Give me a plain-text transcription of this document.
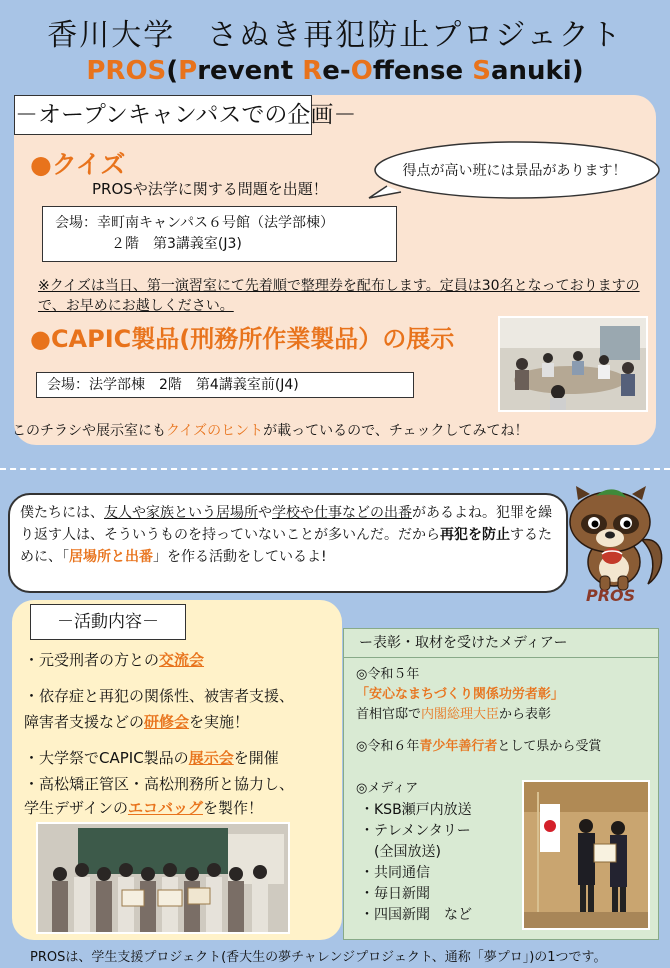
香川大学　さぬき再犯防止プロジェクト
PROS(Prevent Re-Offense Sanuki)
－オープンキャンパスでの企画－
●クイズ
PROSや法学に関する問題を出題！
得点が高い班には景品があります！
会場：幸町南キャンパス６号館（法学部棟）
２階　第3講義室(J3)
※クイズは当日、第一演習室にて先着順で整理券を配布します。定員は30名となっておりますので、お早めにお越しください。
●CAPIC製品(刑務所作業製品）の展示
会場：法学部棟　2階　第4講義室前(J4)
このチラシや展示室にもクイズのヒントが載っているので、チェックしてみてね！
僕たちには、友人や家族という居場所や学校や仕事などの出番があるよね。犯罪を繰り返す人は、そういうものを持っていないことが多いんだ。だから再犯を防止するために、「居場所と出番」を作る活動をしているよ!
PROS
－活動内容－
・元受刑者の方との交流会
・依存症と再犯の関係性、被害者支援、
障害者支援などの研修会を実施！
・大学祭でCAPIC製品の展示会を開催
・高松矯正管区・高松刑務所と協力し、
学生デザインのエコバッグを製作！
ー表彰・取材を受けたメディアー
◎令和５年
「安心なまちづくり関係功労者彰」
首相官邸で内閣総理大臣から表彰
◎令和６年青少年善行者として県から受賞
◎メディア
・KSB瀬戸内放送
・テレメンタリー
　(全国放送)
・共同通信
・毎日新聞
・四国新聞　など
PROSは、学生支援プロジェクト(香大生の夢チャレンジプロジェクト、通称「夢プロ」)の1つです。
